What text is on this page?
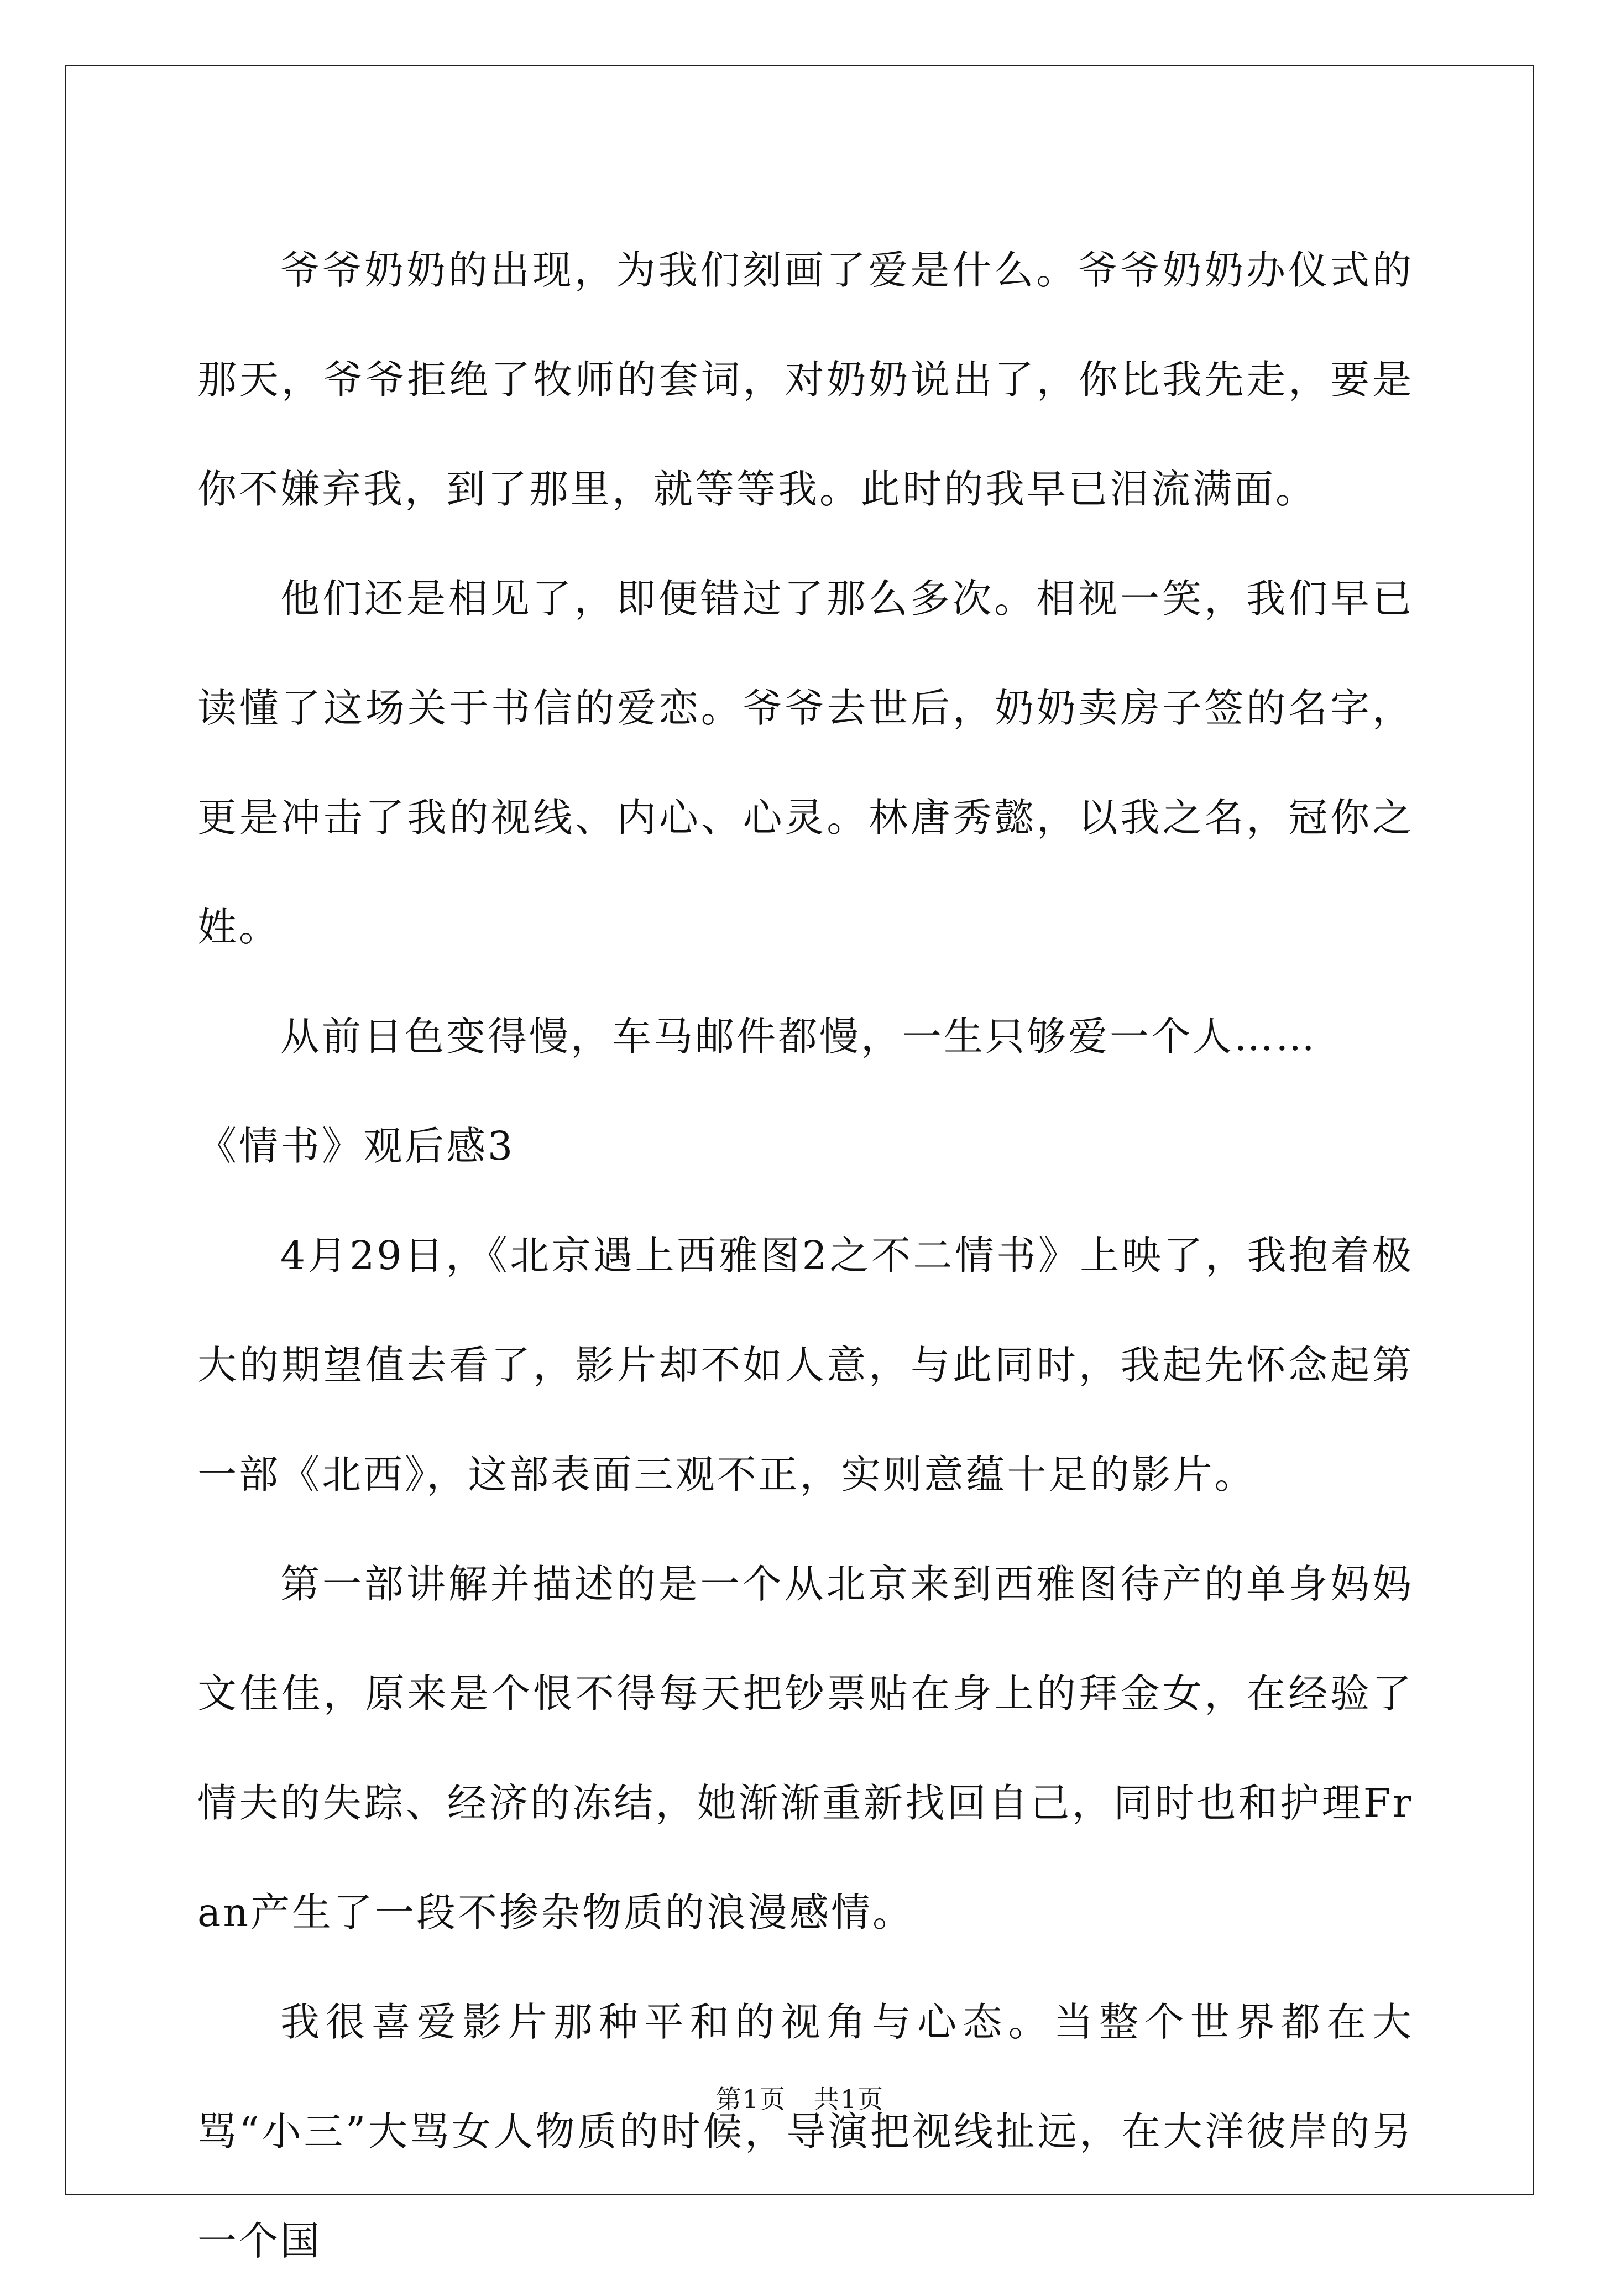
爷爷奶奶的出现，为我们刻画了爱是什么。爷爷奶奶办仪式的那天，爷爷拒绝了牧师的套词，对奶奶说出了，你比我先走，要是你不嫌弃我，到了那里，就等等我。此时的我早已泪流满面。

他们还是相见了，即便错过了那么多次。相视一笑，我们早已读懂了这场关于书信的爱恋。爷爷去世后，奶奶卖房子签的名字，更是冲击了我的视线、内心、心灵。林唐秀懿，以我之名，冠你之姓。

从前日色变得慢，车马邮件都慢，一生只够爱一个人……

《情书》观后感3

4月29日，《北京遇上西雅图2之不二情书》上映了，我抱着极大的期望值去看了，影片却不如人意，与此同时，我起先怀念起第一部《北西》，这部表面三观不正，实则意蕴十足的影片。

第一部讲解并描述的是一个从北京来到西雅图待产的单身妈妈文佳佳，原来是个恨不得每天把钞票贴在身上的拜金女，在经验了情夫的失踪、经济的冻结，她渐渐重新找回自己，同时也和护理Fran产生了一段不掺杂物质的浪漫感情。

我很喜爱影片那种平和的视角与心态。当整个世界都在大骂“小三”大骂女人物质的时候，导演把视线扯远，在大洋彼岸的另一个国

第1页 共1页
